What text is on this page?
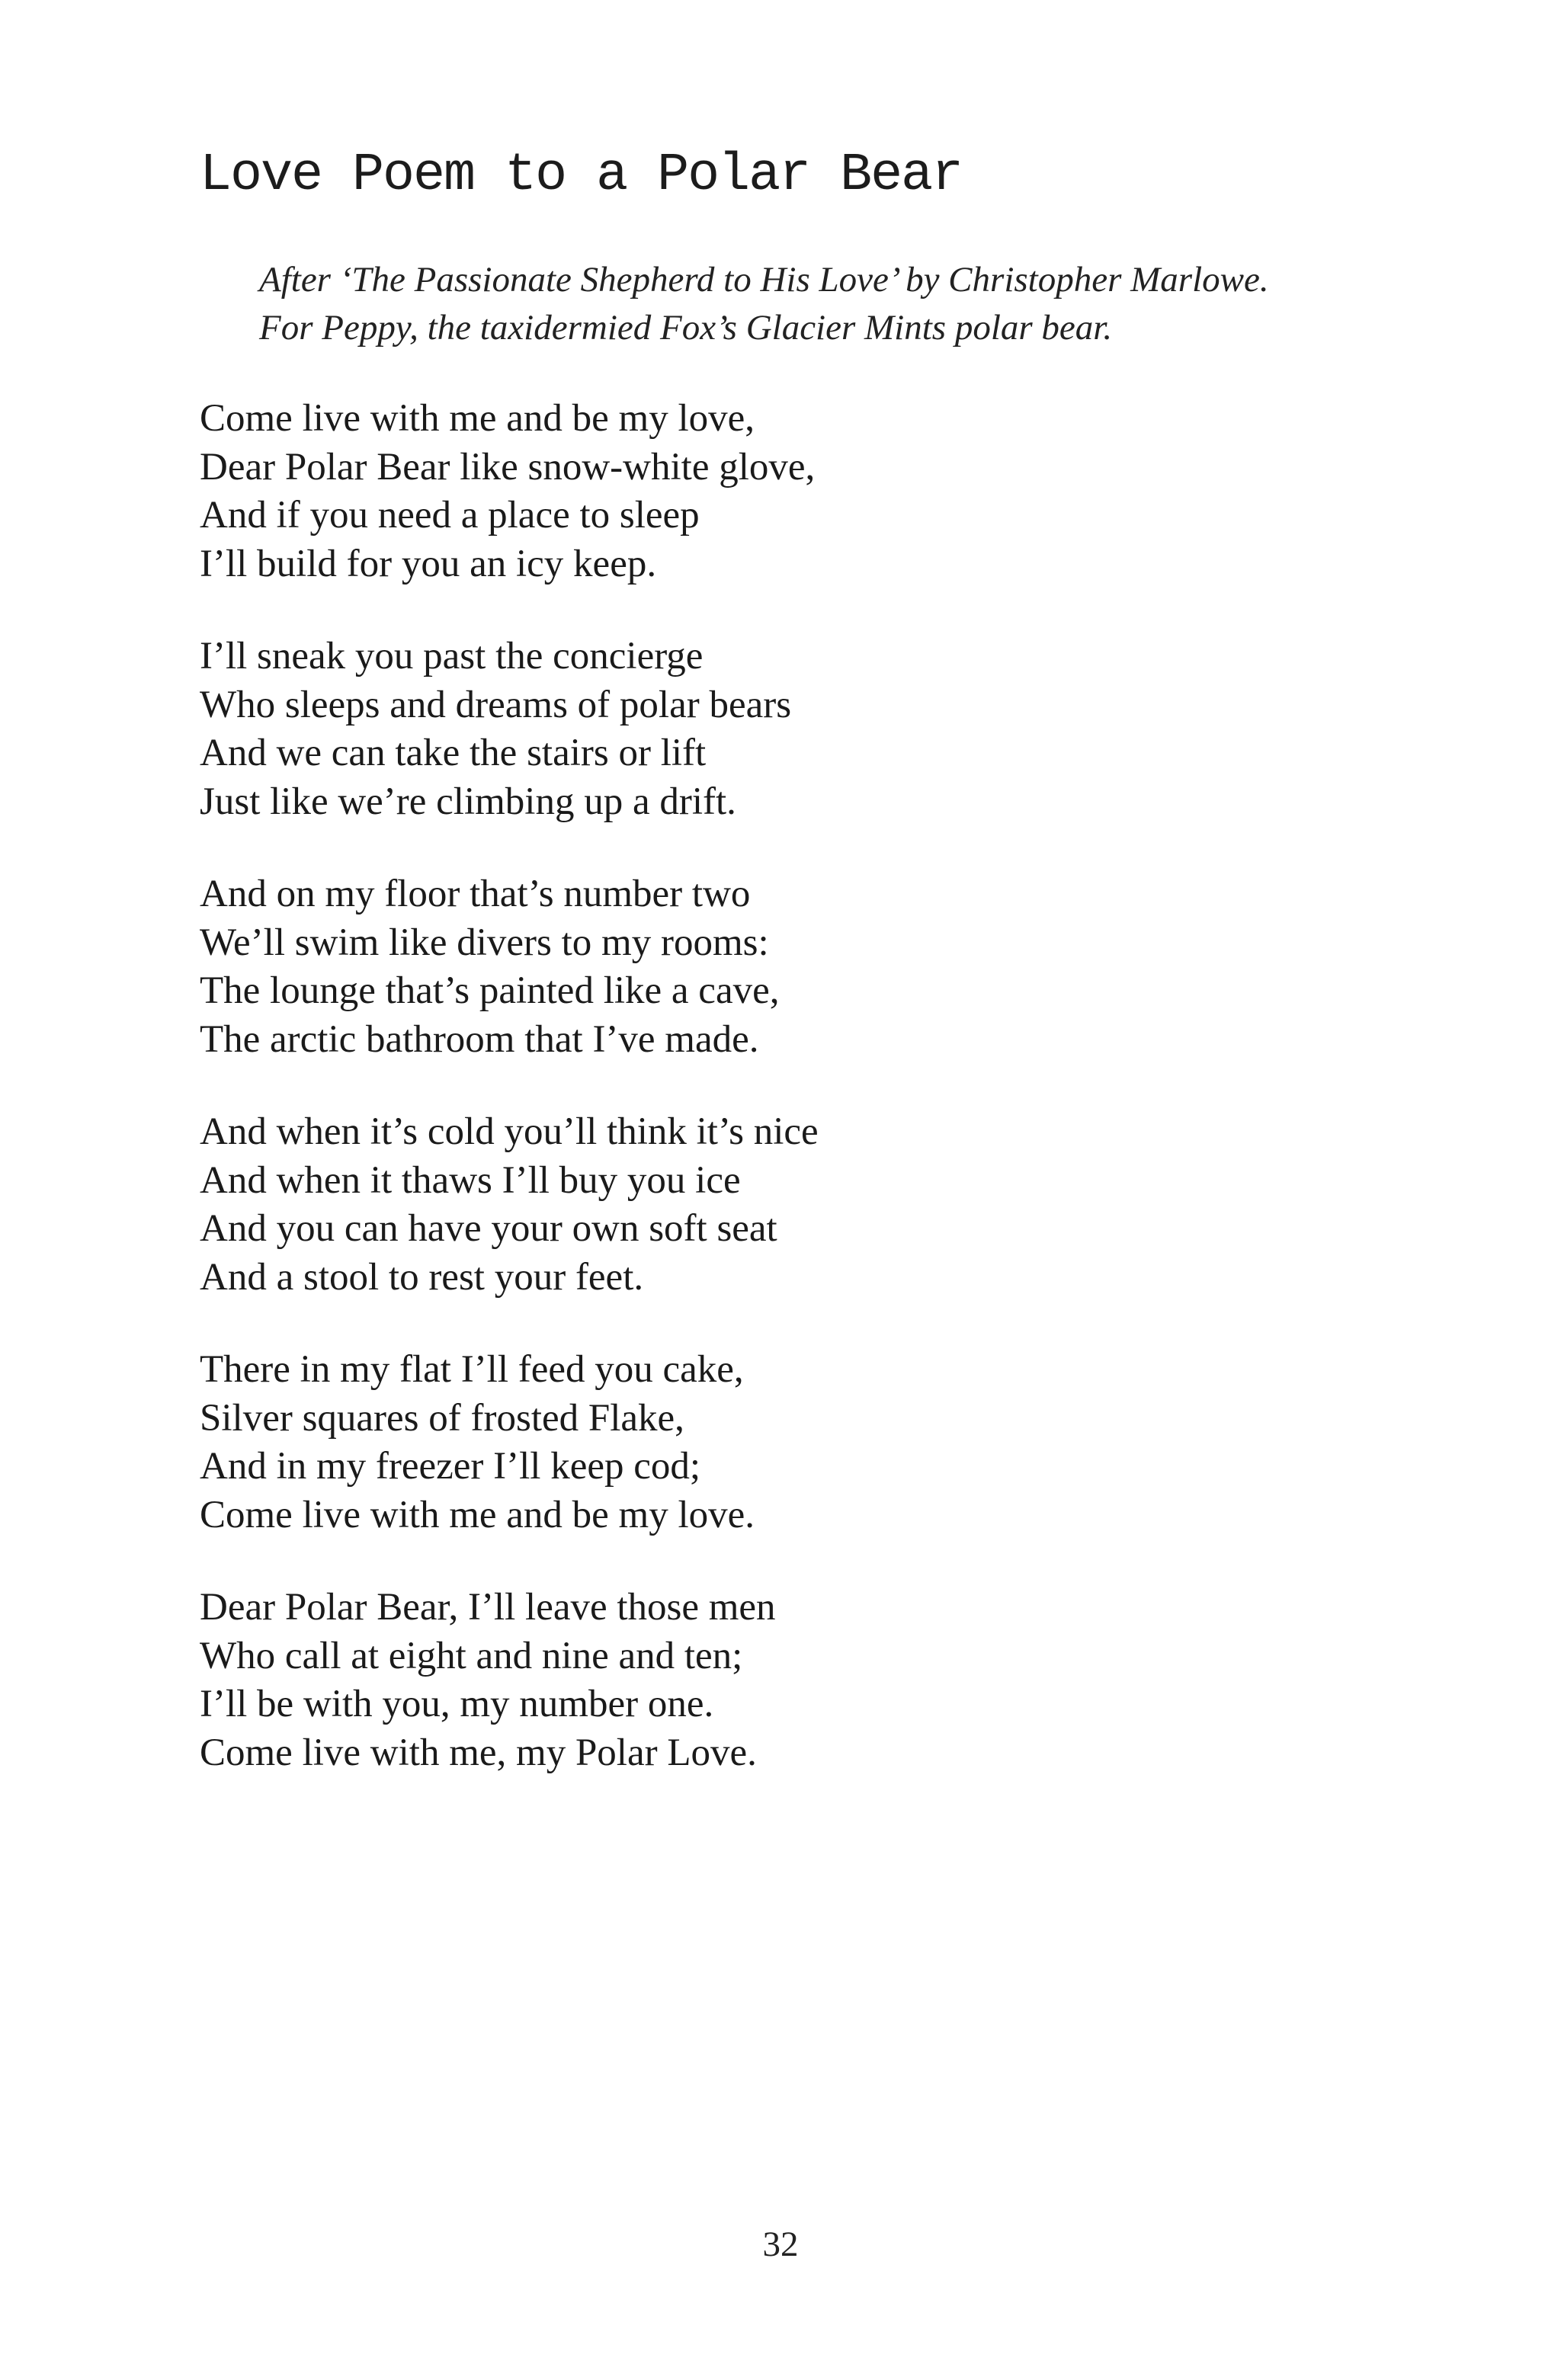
Love Poem to a Polar Bear
After ‘The Passionate Shepherd to His Love’ by Christopher Marlowe.
For Peppy, the taxidermied Fox’s Glacier Mints polar bear.
Come live with me and be my love,
Dear Polar Bear like snow-white glove,
And if you need a place to sleep
I’ll build for you an icy keep.
I’ll sneak you past the concierge
Who sleeps and dreams of polar bears
And we can take the stairs or lift
Just like we’re climbing up a drift.
And on my floor that’s number two
We’ll swim like divers to my rooms:
The lounge that’s painted like a cave,
The arctic bathroom that I’ve made.
And when it’s cold you’ll think it’s nice
And when it thaws I’ll buy you ice
And you can have your own soft seat
And a stool to rest your feet.
There in my flat I’ll feed you cake,
Silver squares of frosted Flake,
And in my freezer I’ll keep cod;
Come live with me and be my love.
Dear Polar Bear, I’ll leave those men
Who call at eight and nine and ten;
I’ll be with you, my number one.
Come live with me, my Polar Love.
32
